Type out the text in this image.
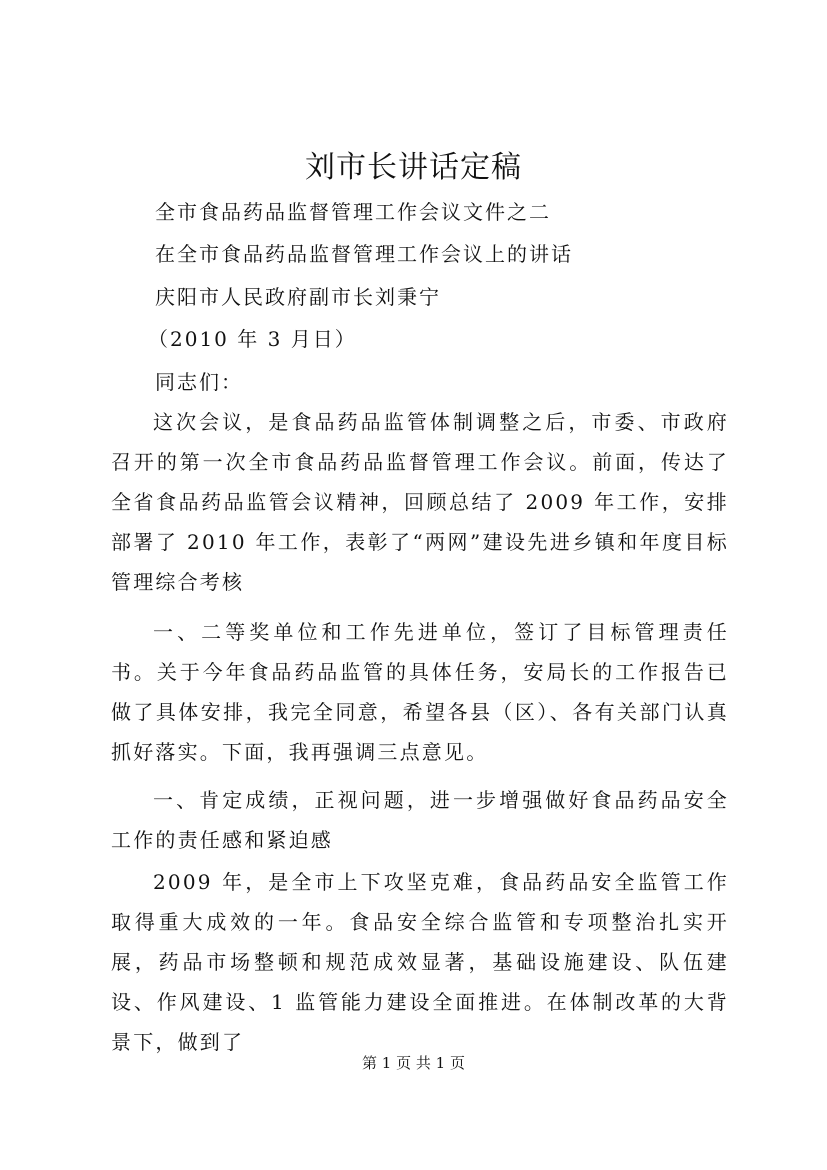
刘市长讲话定稿
全市食品药品监督管理工作会议文件之二
在全市食品药品监督管理工作会议上的讲话
庆阳市人民政府副市长刘秉宁
（2010 年 3 月日）
同志们：

这次会议，是食品药品监管体制调整之后，市委、市政府召开的第一次全市食品药品监督管理工作会议。前面，传达了全省食品药品监管会议精神，回顾总结了 2009 年工作，安排部署了 2010 年工作，表彰了“两网”建设先进乡镇和年度目标管理综合考核

一、二等奖单位和工作先进单位，签订了目标管理责任书。关于今年食品药品监管的具体任务，安局长的工作报告已做了具体安排，我完全同意，希望各县（区）、各有关部门认真抓好落实。下面，我再强调三点意见。

一、肯定成绩，正视问题，进一步增强做好食品药品安全工作的责任感和紧迫感

2009 年，是全市上下攻坚克难，食品药品安全监管工作取得重大成效的一年。食品安全综合监管和专项整治扎实开展，药品市场整顿和规范成效显著，基础设施建设、队伍建设、作风建设、1 监管能力建设全面推进。在体制改革的大背景下，做到了

第 1 页 共 1 页
